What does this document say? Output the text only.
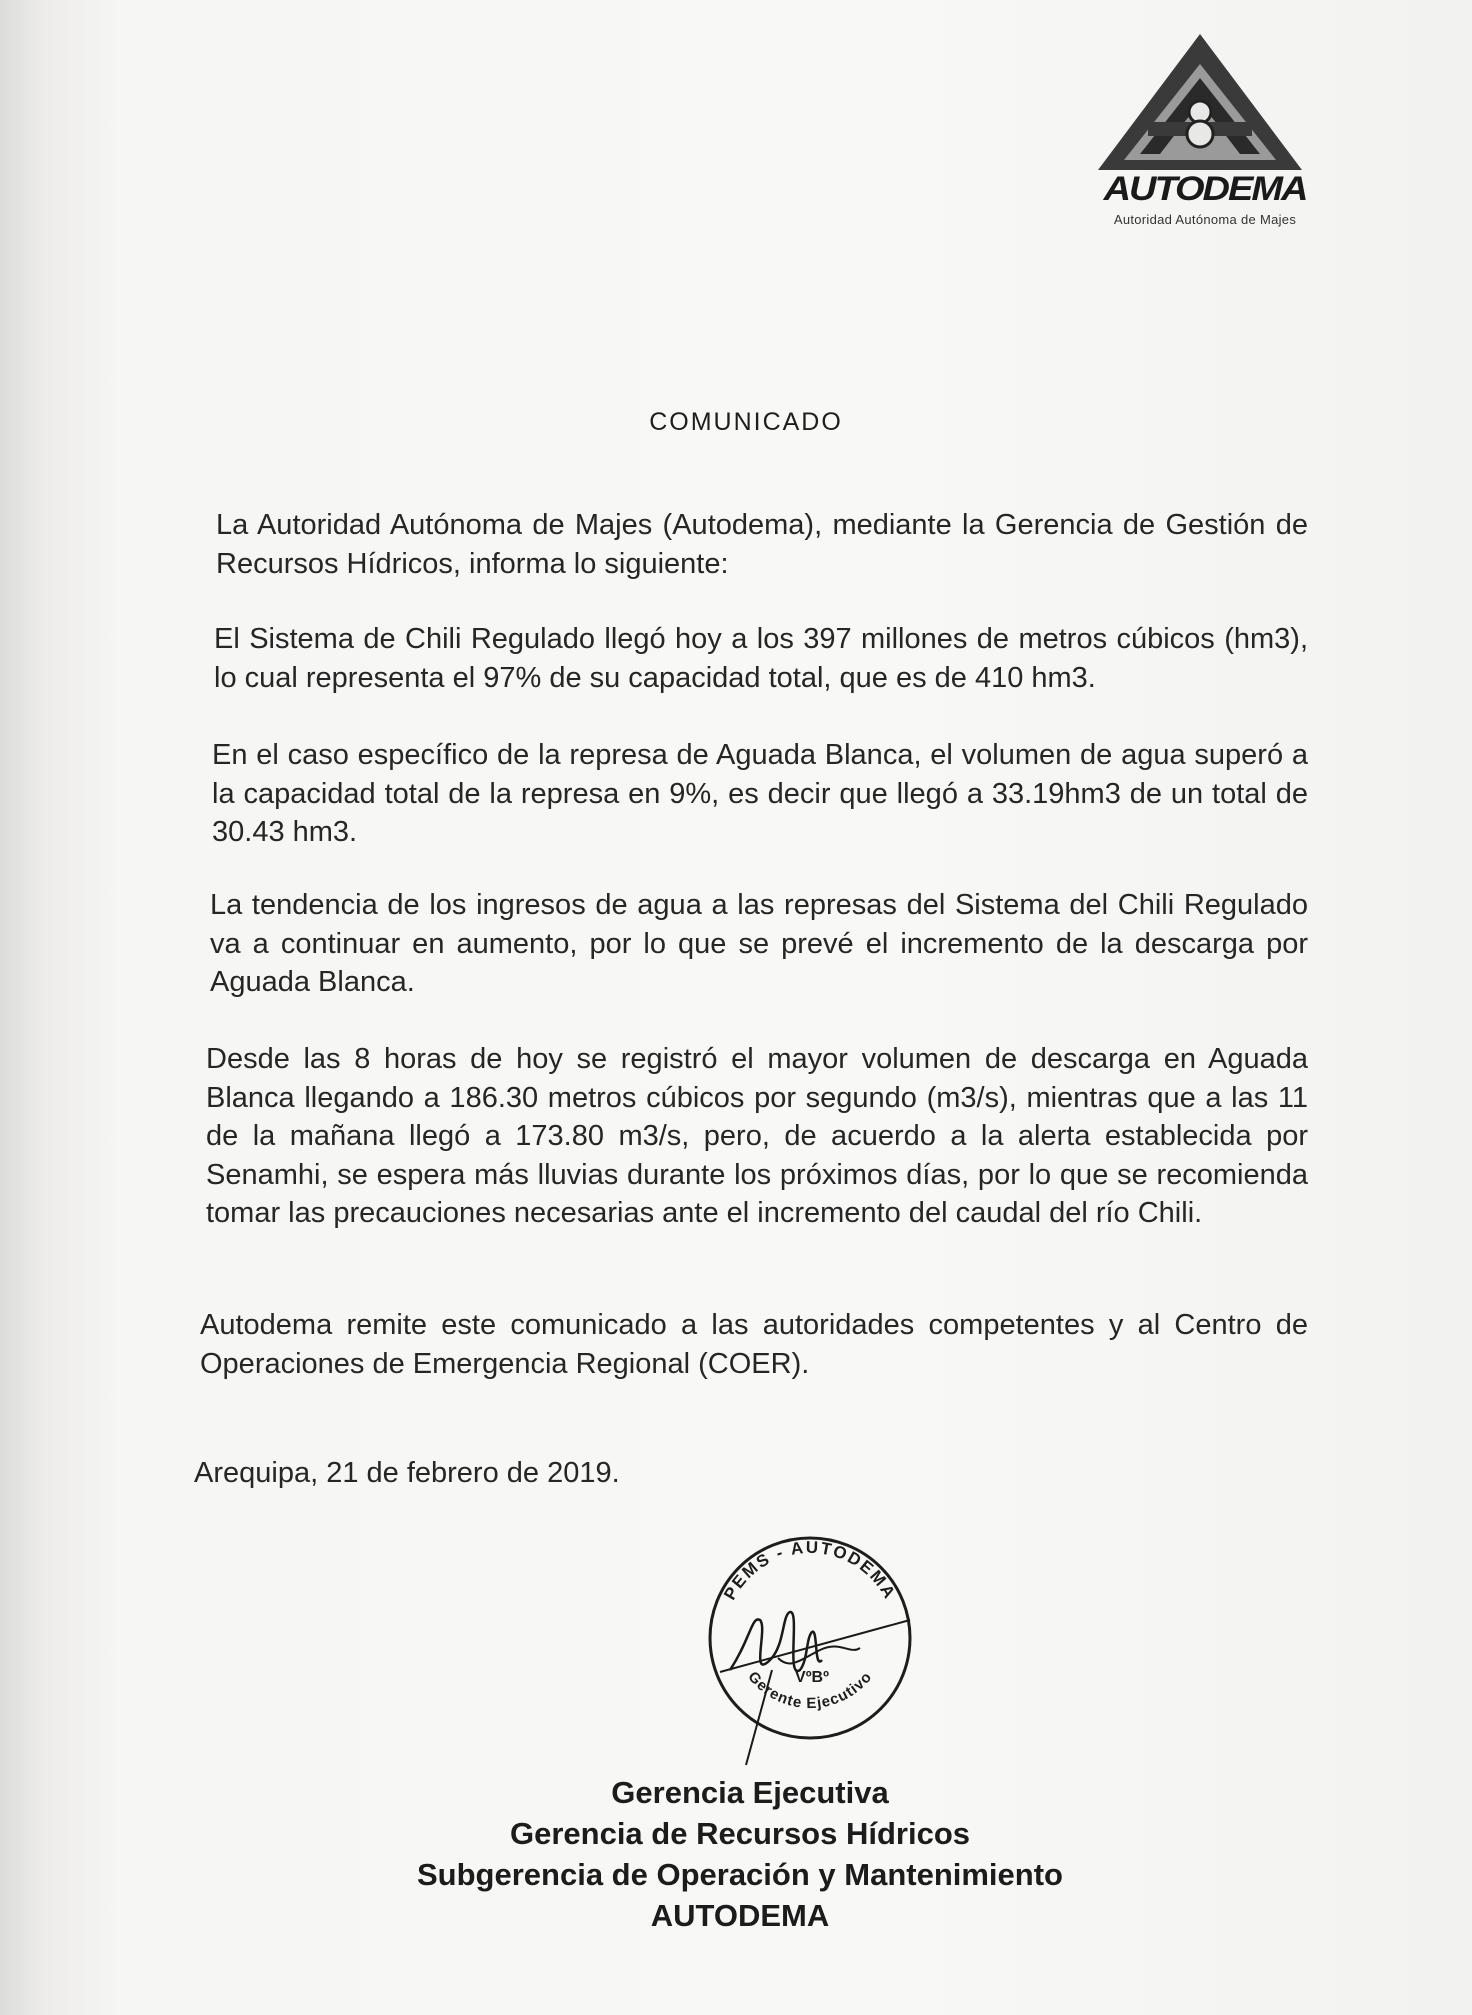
AUTODEMA
Autoridad Autónoma de Majes
COMUNICADO

La Autoridad Autónoma de Majes (Autodema), mediante la Gerencia de Gestión de Recursos Hídricos, informa lo siguiente:

El Sistema de Chili Regulado llegó hoy a los 397 millones de metros cúbicos (hm3), lo cual representa el 97% de su capacidad total, que es de 410 hm3.

En el caso específico de la represa de Aguada Blanca, el volumen de agua superó a la capacidad total de la represa en 9%, es decir que llegó a 33.19hm3 de un total de 30.43 hm3.

La tendencia de los ingresos de agua a las represas del Sistema del Chili Regulado va a continuar en aumento, por lo que se prevé el incremento de la descarga por Aguada Blanca.

Desde las 8 horas de hoy se registró el mayor volumen de descarga en Aguada Blanca llegando a 186.30 metros cúbicos por segundo (m3/s), mientras que a las 11 de la mañana llegó a 173.80 m3/s, pero, de acuerdo a la alerta establecida por Senamhi, se espera más lluvias durante los próximos días, por lo que se recomienda tomar las precauciones necesarias ante el incremento del caudal del río Chili.

Autodema remite este comunicado a las autoridades competentes y al Centro de Operaciones de Emergencia Regional (COER).

Arequipa, 21 de febrero de 2019.

PEMS - AUTODEMA
Gerente Ejecutivo
VºBº
Gerencia Ejecutiva
Gerencia de Recursos Hídricos
Subgerencia de Operación y Mantenimiento
AUTODEMA
